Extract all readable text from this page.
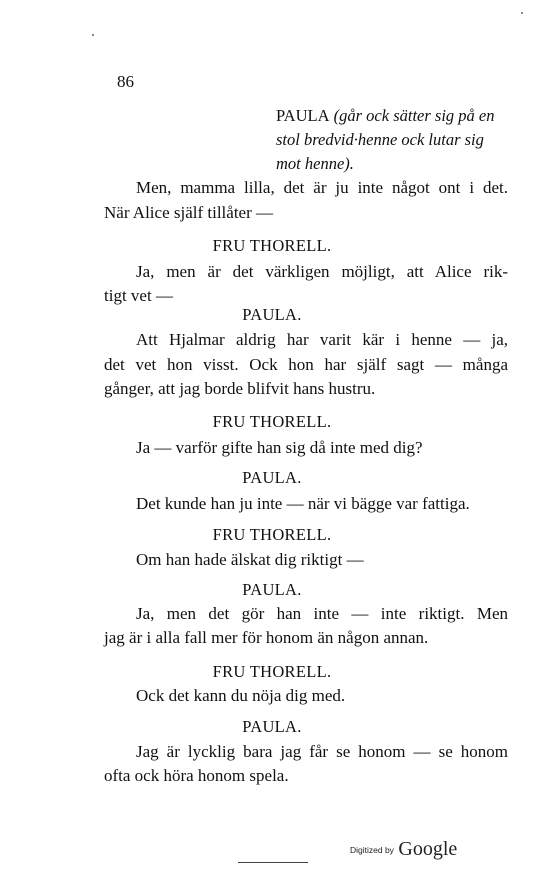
86
PAULA (går ock sätter sig på en
stol bredvid·henne ock lutar sig
mot henne).
Men, mamma lilla, det är ju inte något ont i det.
När Alice själf tillåter —
FRU THORELL.
Ja, men är det värkligen möjligt, att Alice rik-
tigt vet —
PAULA.
Att Hjalmar aldrig har varit kär i henne — ja,
det vet hon visst. Ock hon har själf sagt — många
gånger, att jag borde blifvit hans hustru.
FRU THORELL.
Ja — varför gifte han sig då inte med dig?
PAULA.
Det kunde han ju inte — när vi bägge var fattiga.
FRU THORELL.
Om han hade älskat dig riktigt —
PAULA.
Ja, men det gör han inte — inte riktigt. Men
jag är i alla fall mer för honom än någon annan.
FRU THORELL.
Ock det kann du nöja dig med.
PAULA.
Jag är lycklig bara jag får se honom — se honom
ofta ock höra honom spela.
Digitized by Google
